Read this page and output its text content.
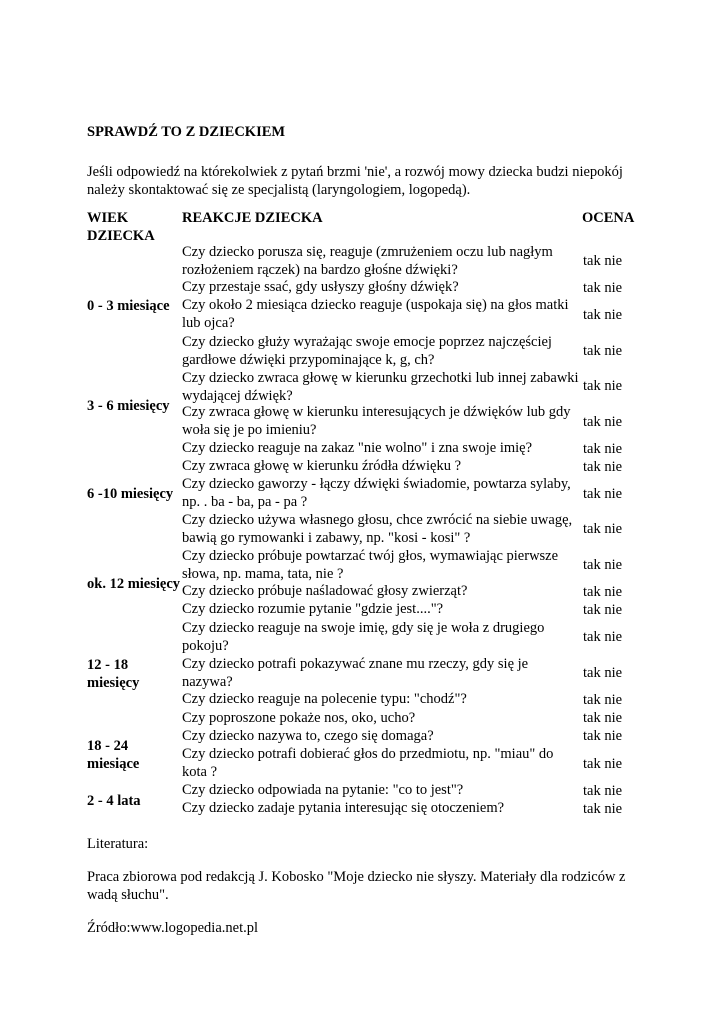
SPRAWDŹ TO Z DZIECKIEM
Jeśli odpowiedź na którekolwiek z pytań brzmi 'nie', a rozwój mowy dziecka budzi niepokój należy skontaktować się ze specjalistą (laryngologiem, logopedą).
WIEK DZIECKA
REAKCJE DZIECKA	OCENA
0 - 3 miesiące
3 - 6 miesięcy
6 -10 miesięcy
ok. 12 miesięcy
12 - 18 miesięcy
18 - 24 miesiące
2 - 4 lata
Czy dziecko porusza się, reaguje (zmrużeniem oczu lub nagłym rozłożeniem rączek) na bardzo głośne dźwięki?
Czy przestaje ssać, gdy usłyszy głośny dźwięk?
Czy około 2 miesiąca dziecko reaguje (uspokaja się) na głos matki lub ojca?
Czy dziecko głuży wyrażając swoje emocje poprzez najczęściej gardłowe dźwięki przypominające k, g, ch?
Czy dziecko zwraca głowę w kierunku grzechotki lub innej zabawki wydającej dźwięk?
Czy zwraca głowę w kierunku interesujących je dźwięków lub gdy woła się je po imieniu?
Czy dziecko reaguje na zakaz "nie wolno" i zna swoje imię?
Czy zwraca głowę w kierunku źródła dźwięku ?
Czy dziecko gaworzy - łączy dźwięki świadomie, powtarza sylaby, np. . ba - ba, pa - pa ?
Czy dziecko używa własnego głosu, chce zwrócić na siebie uwagę, bawią go rymowanki i zabawy, np. "kosi - kosi" ?
Czy dziecko próbuje powtarzać twój głos, wymawiając pierwsze słowa, np. mama, tata, nie ?
Czy dziecko próbuje naśladować głosy zwierząt?
Czy dziecko rozumie pytanie "gdzie jest...."?
Czy dziecko reaguje na swoje imię, gdy się je woła z drugiego pokoju?
Czy dziecko potrafi pokazywać znane mu rzeczy, gdy się je nazywa?
Czy dziecko reaguje na polecenie typu: "chodź"?
Czy poproszone pokaże nos, oko, ucho?
Czy dziecko nazywa to, czego się domaga?
Czy dziecko potrafi dobierać głos do przedmiotu, np. "miau" do kota ?
Czy dziecko odpowiada na pytanie: "co to jest"?
Czy dziecko zadaje pytania interesując się otoczeniem?
tak nie
tak nie
tak nie
tak nie
tak nie
tak nie
tak nie
tak nie
tak nie
tak nie
tak nie
tak nie
tak nie
tak nie
tak nie
tak nie
tak nie
tak nie
tak nie
tak nie
tak nie
Literatura:
Praca zbiorowa pod redakcją J. Kobosko "Moje dziecko nie słyszy. Materiały dla rodziców z wadą słuchu".
Źródło:www.logopedia.net.pl
